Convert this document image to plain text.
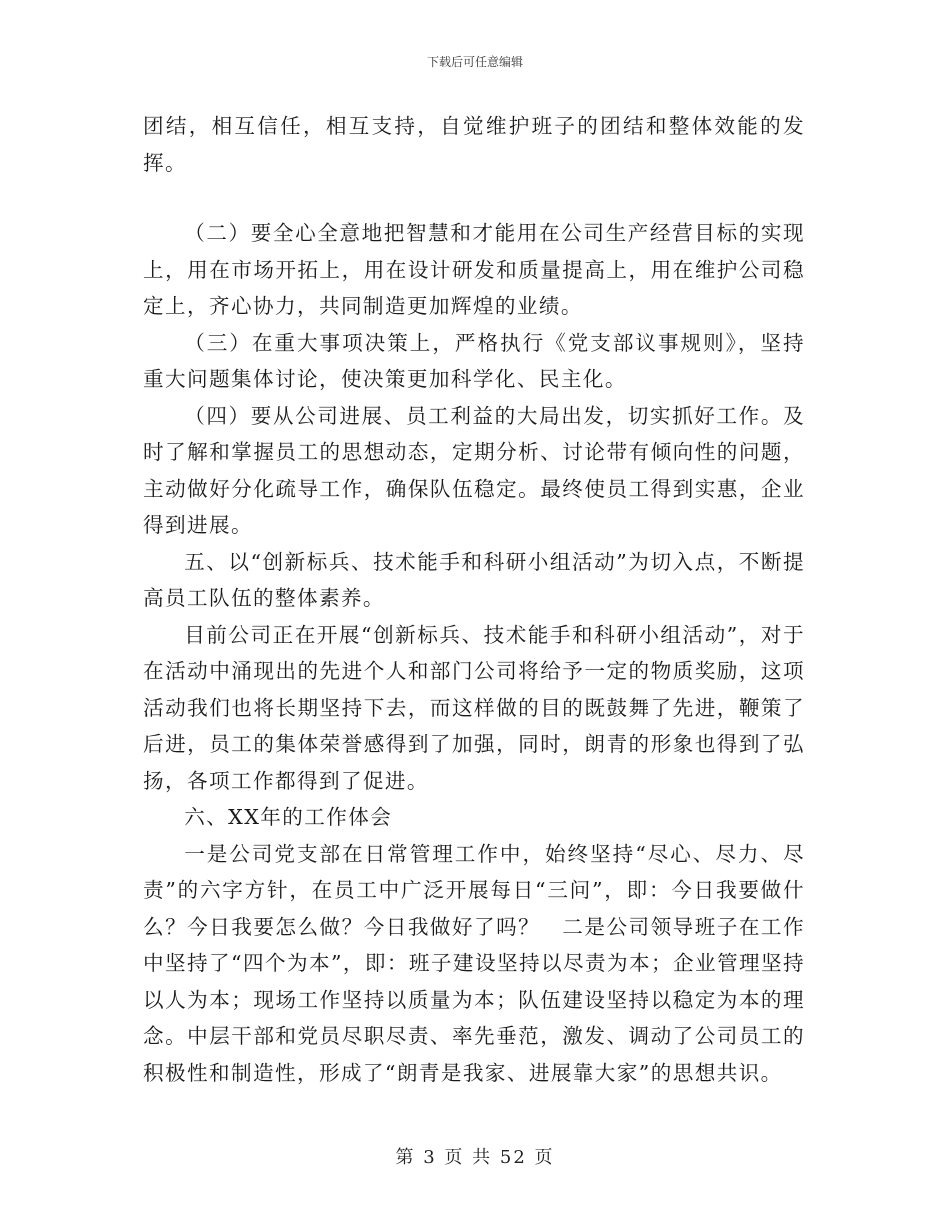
下载后可任意编辑

团结，相互信任，相互支持，自觉维护班子的团结和整体效能的发挥。

（二）要全心全意地把智慧和才能用在公司生产经营目标的实现上，用在市场开拓上，用在设计研发和质量提高上，用在维护公司稳定上，齐心协力，共同制造更加辉煌的业绩。

（三）在重大事项决策上，严格执行《党支部议事规则》，坚持重大问题集体讨论，使决策更加科学化、民主化。

（四）要从公司进展、员工利益的大局出发，切实抓好工作。及时了解和掌握员工的思想动态，定期分析、讨论带有倾向性的问题，主动做好分化疏导工作，确保队伍稳定。最终使员工得到实惠，企业得到进展。

五、以“创新标兵、技术能手和科研小组活动”为切入点，不断提高员工队伍的整体素养。

目前公司正在开展“创新标兵、技术能手和科研小组活动”，对于在活动中涌现出的先进个人和部门公司将给予一定的物质奖励，这项活动我们也将长期坚持下去，而这样做的目的既鼓舞了先进，鞭策了后进，员工的集体荣誉感得到了加强，同时，朗青的形象也得到了弘扬，各项工作都得到了促进。

六、XX年的工作体会

一是公司党支部在日常管理工作中，始终坚持“尽心、尽力、尽责”的六字方针，在员工中广泛开展每日“三问”，即：今日我要做什么？今日我要怎么做？今日我做好了吗？　二是公司领导班子在工作中坚持了“四个为本”，即：班子建设坚持以尽责为本；企业管理坚持以人为本；现场工作坚持以质量为本；队伍建设坚持以稳定为本的理念。中层干部和党员尽职尽责、率先垂范，激发、调动了公司员工的积极性和制造性，形成了“朗青是我家、进展靠大家”的思想共识。

第 3 页 共 52 页
